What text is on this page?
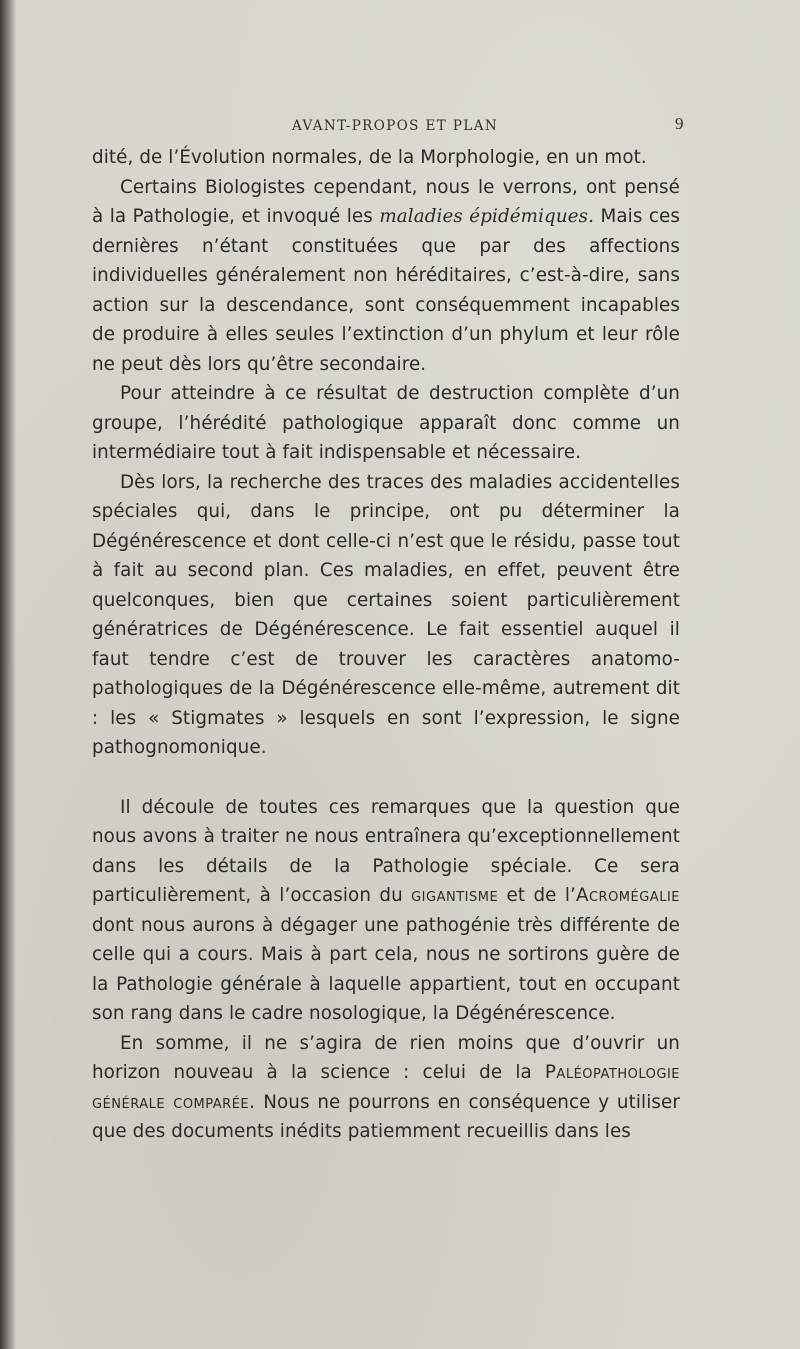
AVANT-PROPOS ET PLAN	9

dité, de l’Évolution normales, de la Morphologie, en un mot.

Certains Biologistes cependant, nous le verrons, ont pensé à la Pathologie, et invoqué les maladies épidémiques. Mais ces dernières n’étant constituées que par des affections individuelles généralement non héréditaires, c’est-à-dire, sans action sur la descendance, sont conséquemment incapables de produire à elles seules l’extinction d’un phylum et leur rôle ne peut dès lors qu’être secondaire.

Pour atteindre à ce résultat de destruction complète d’un groupe, l’hérédité pathologique apparaît donc comme un intermédiaire tout à fait indispensable et nécessaire.

Dès lors, la recherche des traces des maladies accidentelles spéciales qui, dans le principe, ont pu déterminer la Dégénérescence et dont celle-ci n’est que le résidu, passe tout à fait au second plan. Ces maladies, en effet, peuvent être quelconques, bien que certaines soient particulièrement génératrices de Dégénérescence. Le fait essentiel auquel il faut tendre c’est de trouver les caractères anatomo-pathologiques de la Dégénérescence elle-même, autrement dit : les « Stigmates » lesquels en sont l’expression, le signe pathognomonique.

Il découle de toutes ces remarques que la question que nous avons à traiter ne nous entraînera qu’exceptionnellement dans les détails de la Pathologie spéciale. Ce sera particulièrement, à l’occasion du gigantisme et de l’Acromégalie dont nous aurons à dégager une pathogénie très différente de celle qui a cours. Mais à part cela, nous ne sortirons guère de la Pathologie générale à laquelle appartient, tout en occupant son rang dans le cadre nosologique, la Dégénérescence.

En somme, il ne s’agira de rien moins que d’ouvrir un horizon nouveau à la science : celui de la Paléopathologie générale comparée. Nous ne pourrons en conséquence y utiliser que des documents inédits patiemment recueillis dans les
